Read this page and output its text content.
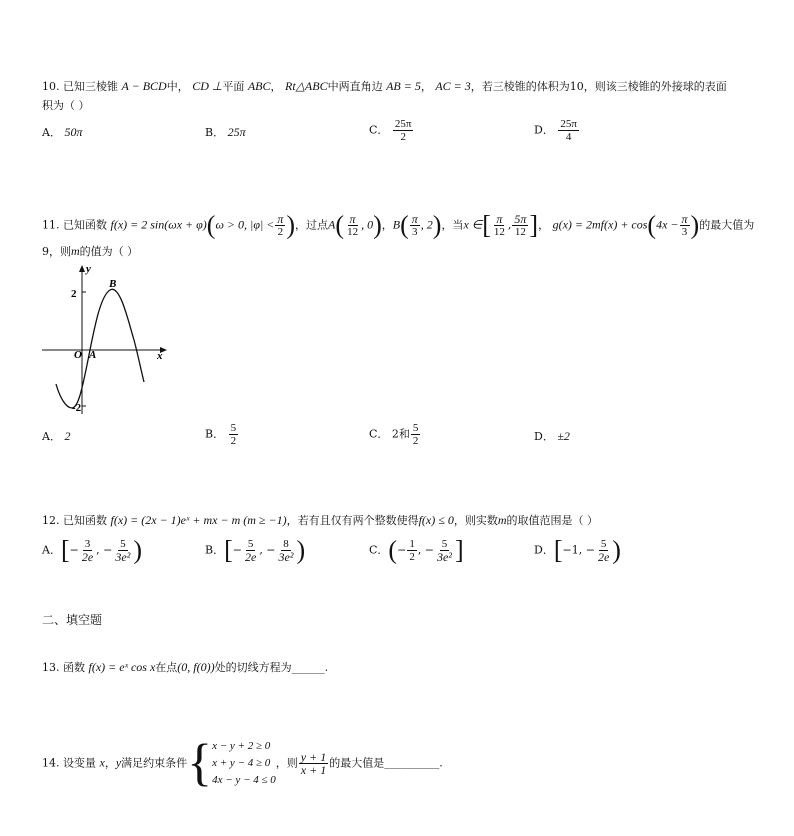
10. 已知三棱锥 A − BCD中， CD ⊥平面 ABC， Rt△ABC中两直角边 AB = 5， AC = 3，若三棱锥的体积为10，则该三棱锥的外接球的表面
积为（ ）
A． 50π	B． 25π	C． $\frac{25\pi}{2}$	D． $\frac{25\pi}{4}$
11. 已知函数 f(x) = 2 sin(ωx + φ)(ω > 0, $|\varphi| < \frac{\pi}{2}$ )，过点$A( \frac{\pi}{12}$ , 0)，$B( \frac{\pi}{3}$ , 2)，当x ∈[ $\frac{\pi}{12}$ , $\frac{5\pi}{12}$ ]， $g(x) = 2mf(x) + \cos(4x - \frac{\pi}{3}$ )的最大值为
9，则m的值为（ ）
y
x
B
O A
2
-2
A． 2	B． $\frac{5}{2}$	C． 2和 $\frac{5}{2}$	D． ±2
12. 已知函数 f(x) = (2x − 1)eˣ + mx − m (m ≥ −1)，若有且仅有两个整数使得f(x) ≤ 0，则实数m的取值范围是（ ）
A．[− $\frac{3}{2e}$ , − $\frac{5}{\text{3e²}}$ )	B．[− $\frac{5}{2e}$ , − $\frac{8}{\text{3e²}}$ )	C．(− $\frac{1}{2}$ , − $\frac{5}{\text{3e²}}$ ]	D．[−1, − $\frac{5}{2e}$ )
二、填空题
13. 函数 f(x) = eˣ cos x在点(0, f(0))处的切线方程为______.
14. 设变量 x，y满足约束条件{ x − y + 2 ≥ 0
x + y − 4 ≥ 0
4x − y − 4 ≤ 0
，则 $\frac{y + 1}{x + 1}$ 的最大值是__________.
